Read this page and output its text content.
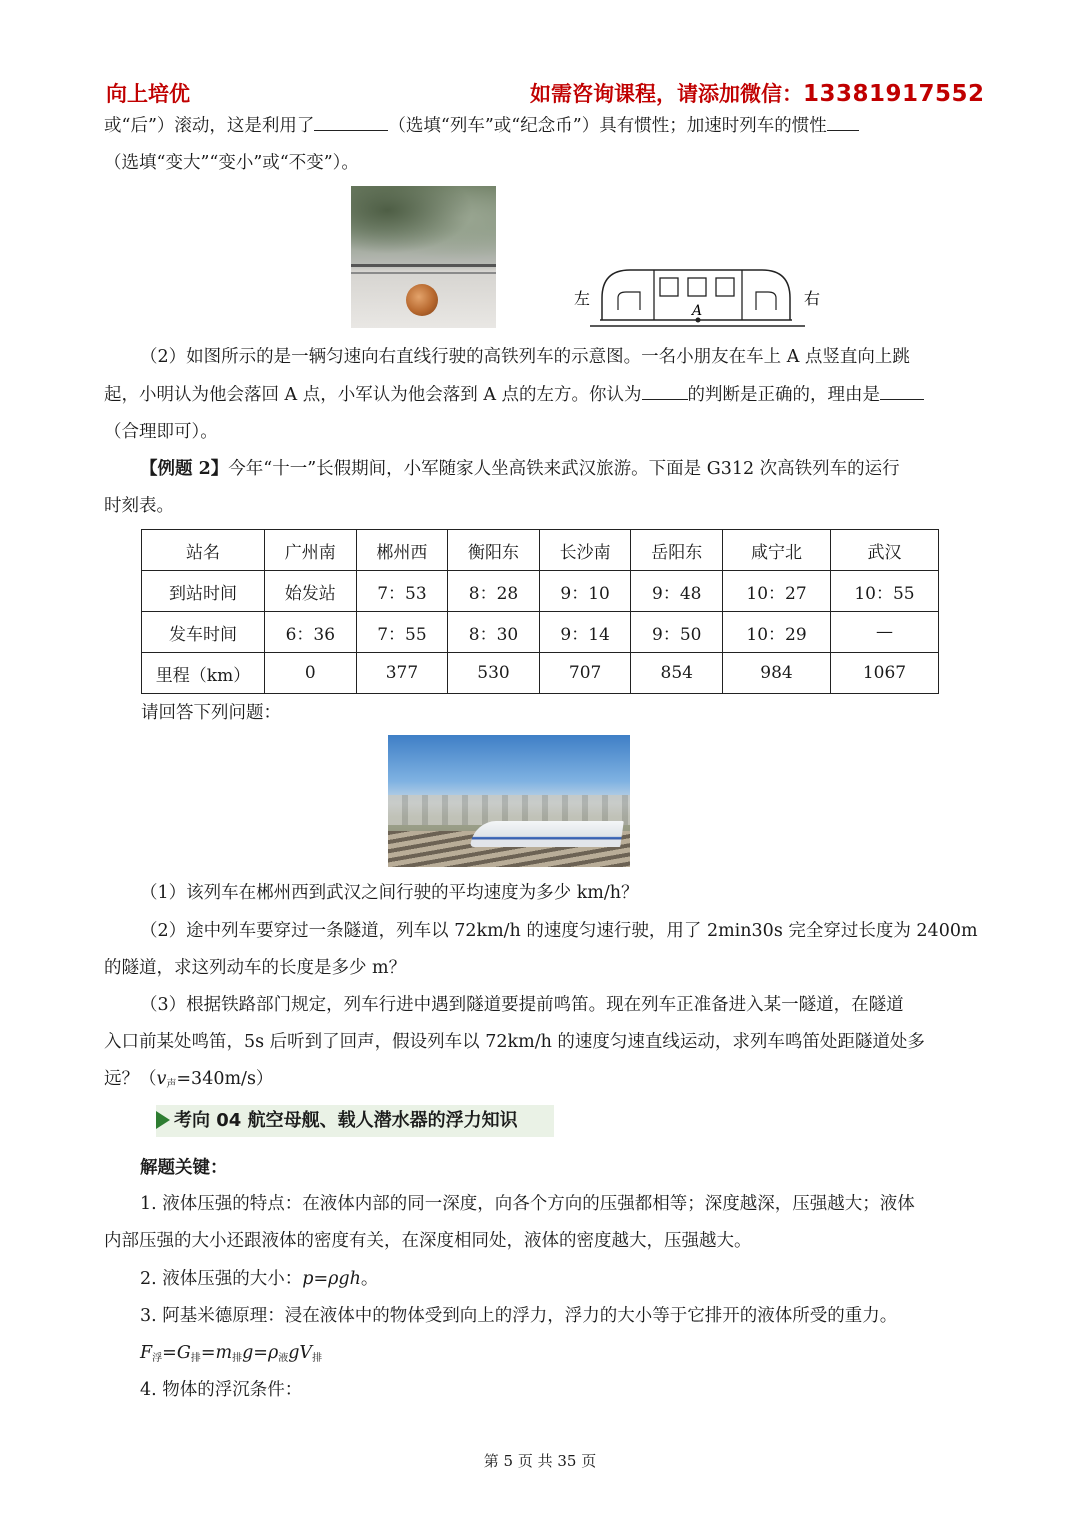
向上培优	如需咨询课程，请添加微信：13381917552
或“后”）滚动，这是利用了	（选填“列车”或“纪念币”）具有惯性；加速时列车的惯性
（选填“变大”“变小”或“不变”）。
A
左	右
（2）如图所示的是一辆匀速向右直线行驶的高铁列车的示意图。一名小朋友在车上 A 点竖直向上跳
起，小明认为他会落回 A 点，小军认为他会落到 A 点的左方。你认为	的判断是正确的，理由是
（合理即可）。
【例题 2】今年“十一”长假期间，小军随家人坐高铁来武汉旅游。下面是 G312 次高铁列车的运行
时刻表。
站名	广州南	郴州西	衡阳东	长沙南	岳阳东	咸宁北	武汉
到站时间	始发站	7：53	8：28	9：10	9：48	10：27	10：55
发车时间	6：36	7：55	8：30	9：14	9：50	10：29	—
里程（km）	0	377	530	707	854	984	1067
请回答下列问题：
（1）该列车在郴州西到武汉之间行驶的平均速度为多少 km/h？
（2）途中列车要穿过一条隧道，列车以 72km/h 的速度匀速行驶，用了 2min30s 完全穿过长度为 2400m
的隧道，求这列动车的长度是多少 m？
（3）根据铁路部门规定，列车行进中遇到隧道要提前鸣笛。现在列车正准备进入某一隧道，在隧道
入口前某处鸣笛，5s 后听到了回声，假设列车以 72km/h 的速度匀速直线运动，求列车鸣笛处距隧道处多
远？$(v_声=340m/s)$
考向 04 航空母舰、载人潜水器的浮力知识
解题关键：
1. 液体压强的特点：在液体内部的同一深度，向各个方向的压强都相等；深度越深，压强越大；液体
内部压强的大小还跟液体的密度有关，在深度相同处，液体的密度越大，压强越大。
2. 液体压强的大小：p=ρgh。
3. 阿基米德原理：浸在液体中的物体受到向上的浮力，浮力的大小等于它排开的液体所受的重力。
$F_浮=G_排=m_排g=\rho_液gV_排$
4. 物体的浮沉条件：
第 5 页 共 35 页
